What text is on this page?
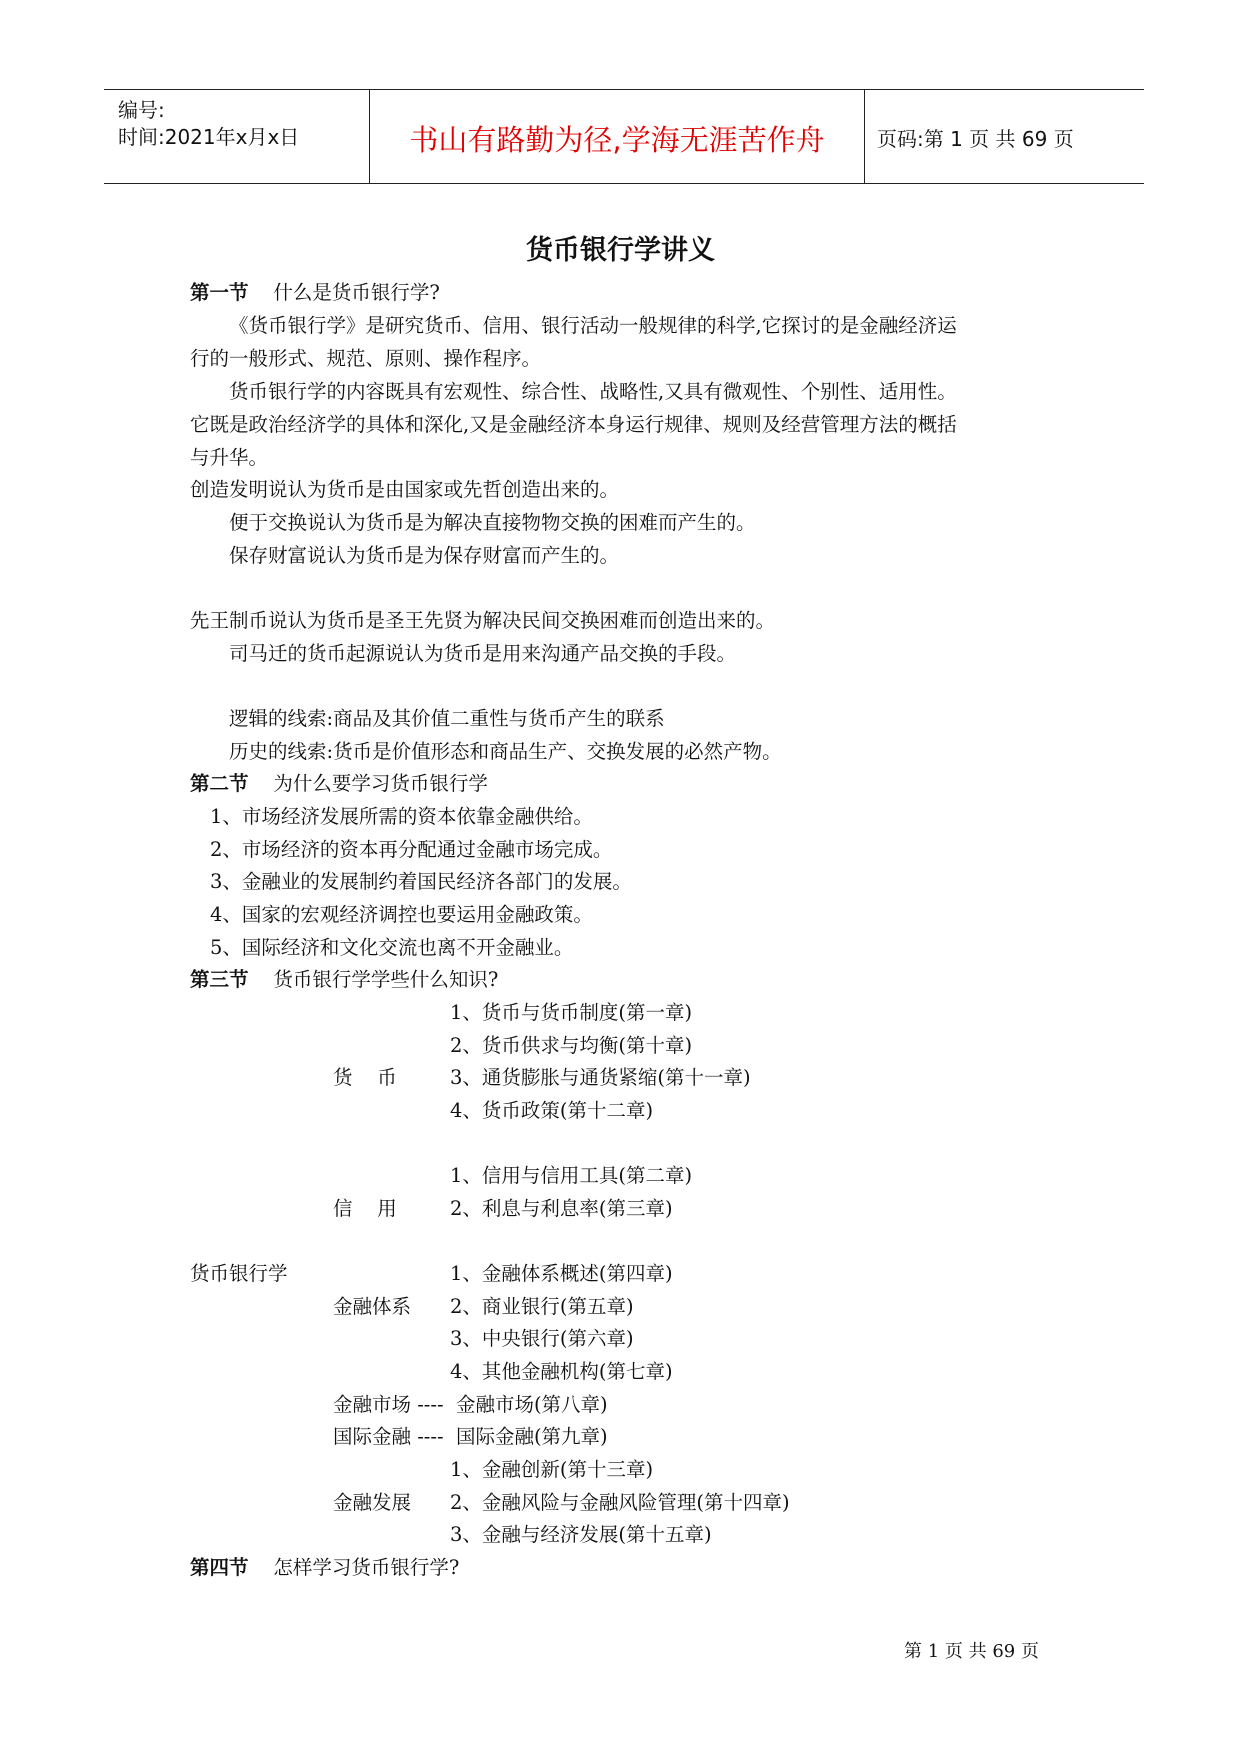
编号:
时间:2021年x月x日	书山有路勤为径,学海无涯苦作舟	页码:第 1 页 共 69 页
货币银行学讲义
第一节 什么是货币银行学?
《货币银行学》是研究货币、信用、银行活动一般规律的科学,它探讨的是金融经济运
行的一般形式、规范、原则、操作程序。
货币银行学的内容既具有宏观性、综合性、战略性,又具有微观性、个别性、适用性。
它既是政治经济学的具体和深化,又是金融经济本身运行规律、规则及经营管理方法的概括
与升华。
创造发明说认为货币是由国家或先哲创造出来的。
便于交换说认为货币是为解决直接物物交换的困难而产生的。
保存财富说认为货币是为保存财富而产生的。
先王制币说认为货币是圣王先贤为解决民间交换困难而创造出来的。
司马迁的货币起源说认为货币是用来沟通产品交换的手段。
逻辑的线索:商品及其价值二重性与货币产生的联系
历史的线索:货币是价值形态和商品生产、交换发展的必然产物。
第二节 为什么要学习货币银行学
1、市场经济发展所需的资本依靠金融供给。
2、市场经济的资本再分配通过金融市场完成。
3、金融业的发展制约着国民经济各部门的发展。
4、国家的宏观经济调控也要运用金融政策。
5、国际经济和文化交流也离不开金融业。
第三节 货币银行学学些什么知识?
1、货币与货币制度(第一章)
2、货币供求与均衡(第十章)
货    币	3、通货膨胀与通货紧缩(第十一章)
4、货币政策(第十二章)
1、信用与信用工具(第二章)
信    用	2、利息与利息率(第三章)
货币银行学	1、金融体系概述(第四章)
金融体系 2、商业银行(第五章)
3、中央银行(第六章)
4、其他金融机构(第七章)
金融市场 ----  金融市场(第八章)
国际金融 ----  国际金融(第九章)
1、金融创新(第十三章)
金融发展 2、金融风险与金融风险管理(第十四章)
3、金融与经济发展(第十五章)
第四节 怎样学习货币银行学?
第 1 页 共 69 页
